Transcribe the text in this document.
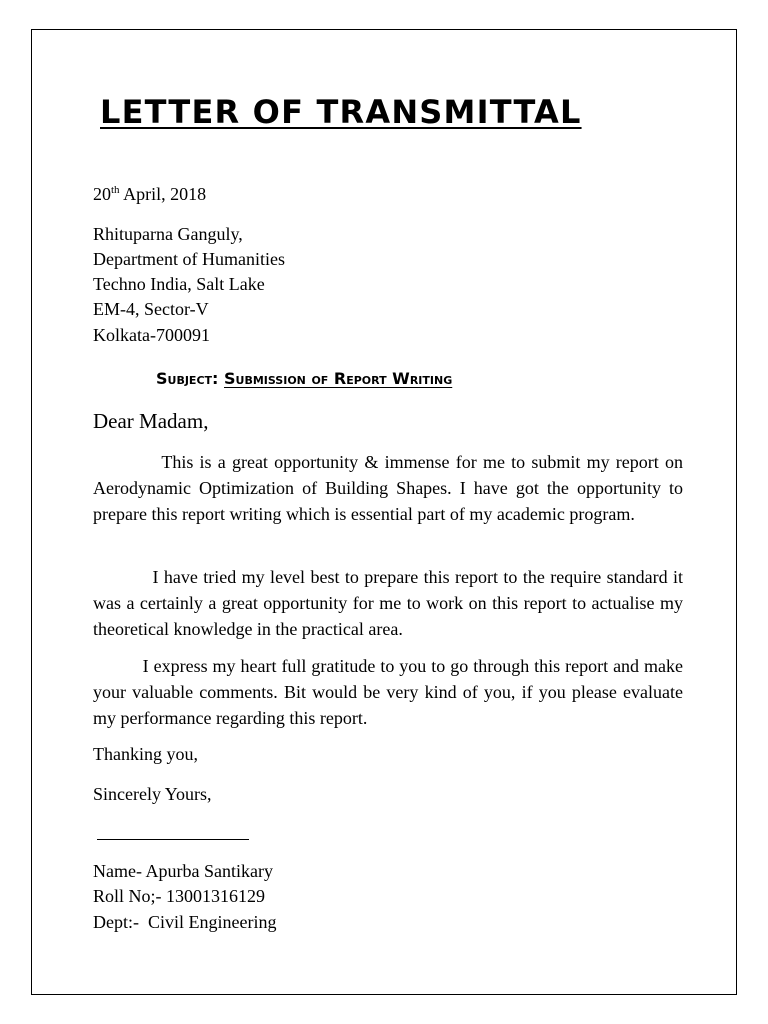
LETTER OF TRANSMITTAL
20th April, 2018
Rhituparna Ganguly,
Department of Humanities
Techno India, Salt Lake
EM-4, Sector-V
Kolkata-700091
Subject: Submission of Report Writing
Dear Madam,

This is a great opportunity & immense for me to submit my report on Aerodynamic Optimization of Building Shapes. I have got the opportunity to prepare this report writing which is essential part of my academic program.

I have tried my level best to prepare this report to the require standard it was a certainly a great opportunity for me to work on this report to actualise my theoretical knowledge in the practical area.

I express my heart full gratitude to you to go through this report and make your valuable comments. Bit would be very kind of you, if you please evaluate my performance regarding this report.

Thanking you,
Sincerely Yours,
Name- Apurba Santikary
Roll No;- 13001316129
Dept:-  Civil Engineering
